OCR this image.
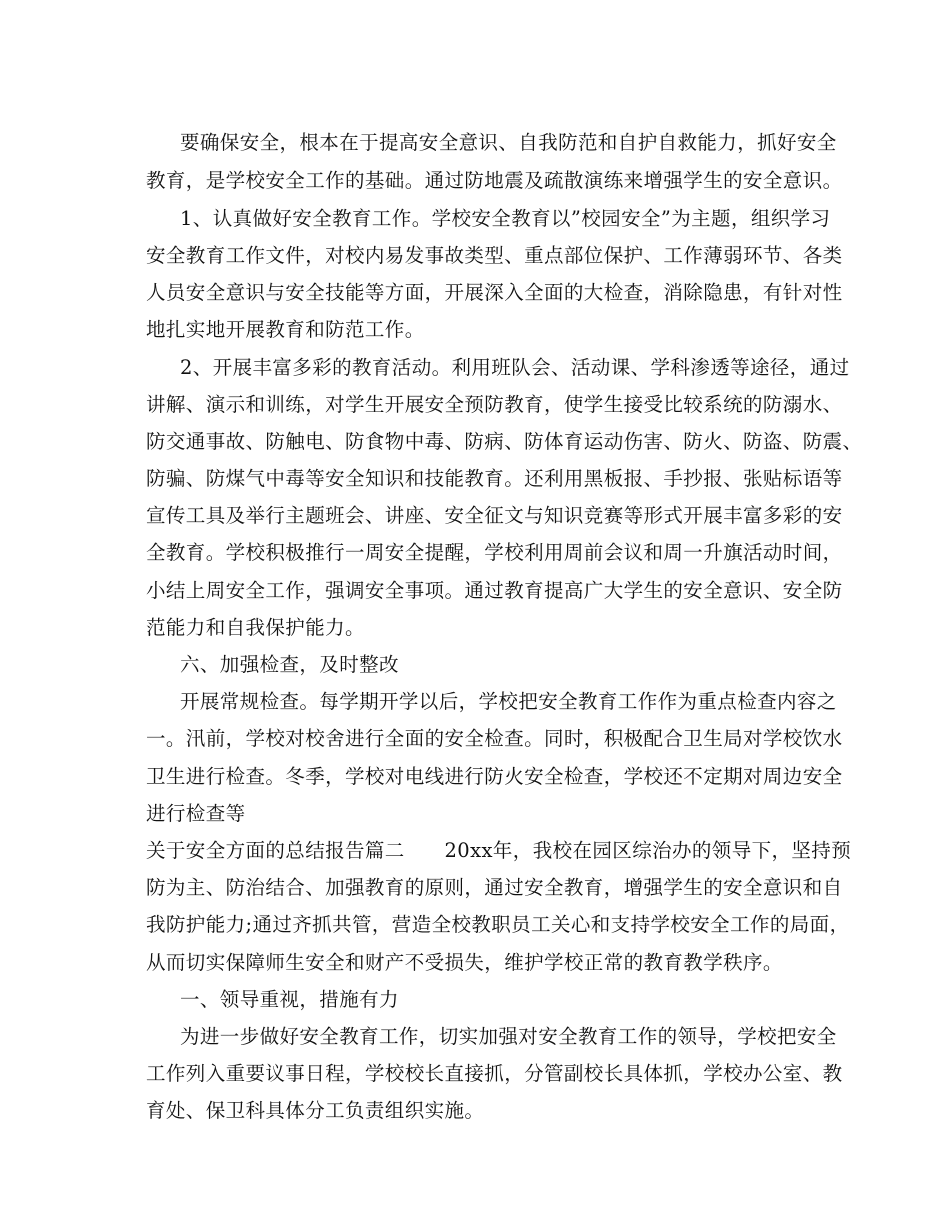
要确保安全，根本在于提高安全意识、自我防范和自护自救能力，抓好安全
教育，是学校安全工作的基础。通过防地震及疏散演练来增强学生的安全意识。
1、认真做好安全教育工作。学校安全教育以”校园安全”为主题，组织学习
安全教育工作文件，对校内易发事故类型、重点部位保护、工作薄弱环节、各类
人员安全意识与安全技能等方面，开展深入全面的大检查，消除隐患，有针对性
地扎实地开展教育和防范工作。
2、开展丰富多彩的教育活动。利用班队会、活动课、学科渗透等途径，通过
讲解、演示和训练，对学生开展安全预防教育，使学生接受比较系统的防溺水、
防交通事故、防触电、防食物中毒、防病、防体育运动伤害、防火、防盗、防震、
防骗、防煤气中毒等安全知识和技能教育。还利用黑板报、手抄报、张贴标语等
宣传工具及举行主题班会、讲座、安全征文与知识竞赛等形式开展丰富多彩的安
全教育。学校积极推行一周安全提醒，学校利用周前会议和周一升旗活动时间，
小结上周安全工作，强调安全事项。通过教育提高广大学生的安全意识、安全防
范能力和自我保护能力。
六、加强检查，及时整改
开展常规检查。每学期开学以后，学校把安全教育工作作为重点检查内容之
一。汛前，学校对校舍进行全面的安全检查。同时，积极配合卫生局对学校饮水
卫生进行检查。冬季，学校对电线进行防火安全检查，学校还不定期对周边安全
进行检查等
关于安全方面的总结报告篇二　　20xx年，我校在园区综治办的领导下，坚持预
防为主、防治结合、加强教育的原则，通过安全教育，增强学生的安全意识和自
我防护能力;通过齐抓共管，营造全校教职员工关心和支持学校安全工作的局面，
从而切实保障师生安全和财产不受损失，维护学校正常的教育教学秩序。
一、领导重视，措施有力
为进一步做好安全教育工作，切实加强对安全教育工作的领导，学校把安全
工作列入重要议事日程，学校校长直接抓，分管副校长具体抓，学校办公室、教
育处、保卫科具体分工负责组织实施。
